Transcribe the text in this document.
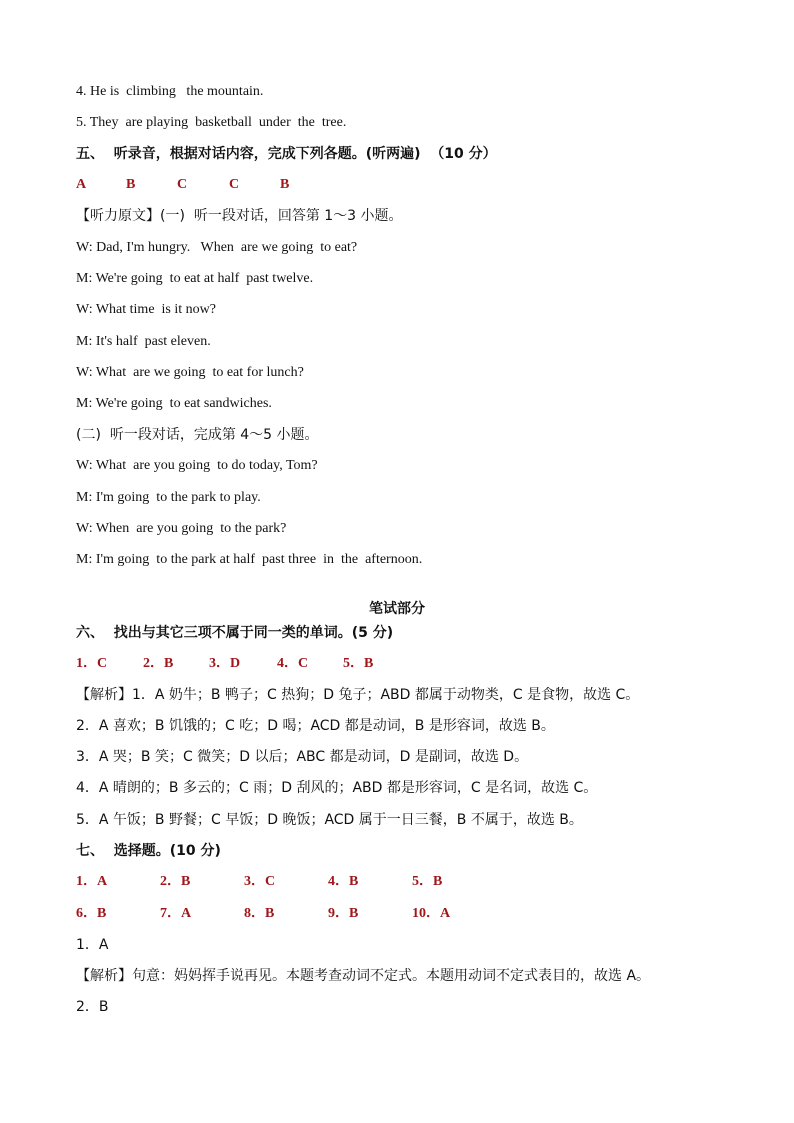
4. He is  climbing   the mountain.
5. They  are playing  basketball  under  the  tree.
五、  听录音，根据对话内容，完成下列各题。(听两遍)  （10 分）
A	B	C	C	B
【听力原文】(一)  听一段对话，回答第 1～3 小题。
W: Dad, I'm hungry.   When  are we going  to eat?
M: We're going  to eat at half  past twelve.
W: What time  is it now?
M: It's half  past eleven.
W: What  are we going  to eat for lunch?
M: We're going  to eat sandwiches.
(二)  听一段对话，完成第 4～5 小题。
W: What  are you going  to do today, Tom?
M: I'm going  to the park to play.
W: When  are you going  to the park?
M: I'm going  to the park at half  past three  in  the  afternoon.
笔试部分
六、  找出与其它三项不属于同一类的单词。(5 分)
1．C	2．B	3．D	4．C 5．B
【解析】1．A 奶牛；B 鸭子；C 热狗；D 兔子；ABD 都属于动物类，C 是食物，故选 C。
2．A 喜欢；B 饥饿的；C 吃；D 喝；ACD 都是动词，B 是形容词，故选 B。
3．A 哭；B 笑；C 微笑；D 以后；ABC 都是动词，D 是副词，故选 D。
4．A 晴朗的；B 多云的；C 雨；D 刮风的；ABD 都是形容词，C 是名词，故选 C。
5．A 午饭；B 野餐；C 早饭；D 晚饭；ACD 属于一日三餐，B 不属于，故选 B。
七、  选择题。(10 分)
1．A	2．B	3．C	4．B	5．B
6．B	7．A	8．B	9．B	10．A
1．A
【解析】句意：妈妈挥手说再见。本题考查动词不定式。本题用动词不定式表目的，故选 A。
2．B
